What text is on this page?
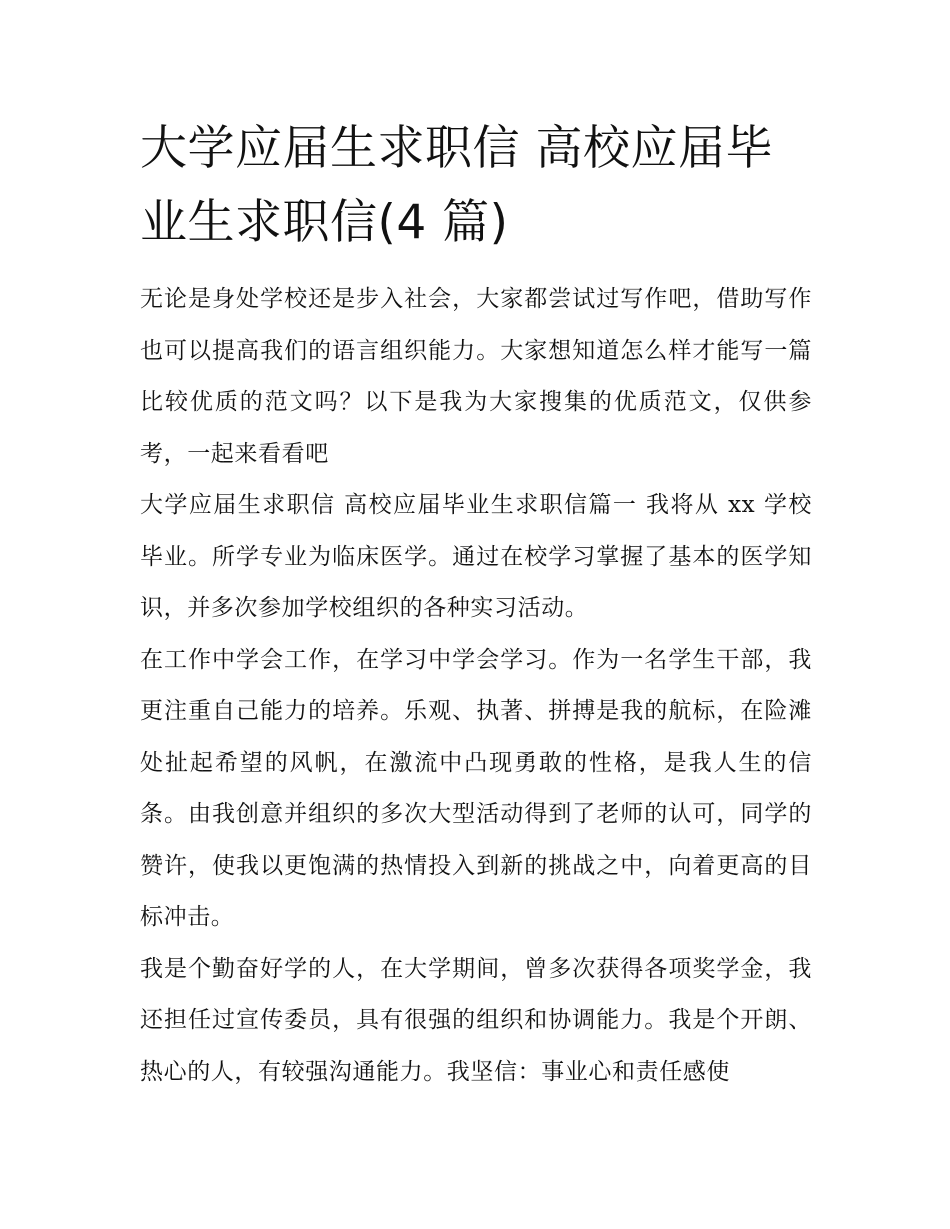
大学应届生求职信 高校应届毕业生求职信(4 篇)

无论是身处学校还是步入社会，大家都尝试过写作吧，借助写作也可以提高我们的语言组织能力。大家想知道怎么样才能写一篇比较优质的范文吗？以下是我为大家搜集的优质范文，仅供参考，一起来看看吧

大学应届生求职信 高校应届毕业生求职信篇一 我将从 xx 学校毕业。所学专业为临床医学。通过在校学习掌握了基本的医学知识，并多次参加学校组织的各种实习活动。

在工作中学会工作，在学习中学会学习。作为一名学生干部，我更注重自己能力的培养。乐观、执著、拼搏是我的航标，在险滩处扯起希望的风帆，在激流中凸现勇敢的性格，是我人生的信条。由我创意并组织的多次大型活动得到了老师的认可，同学的赞许，使我以更饱满的热情投入到新的挑战之中，向着更高的目标冲击。

我是个勤奋好学的人，在大学期间，曾多次获得各项奖学金，我还担任过宣传委员，具有很强的组织和协调能力。我是个开朗、热心的人，有较强沟通能力。我坚信：事业心和责任感使
